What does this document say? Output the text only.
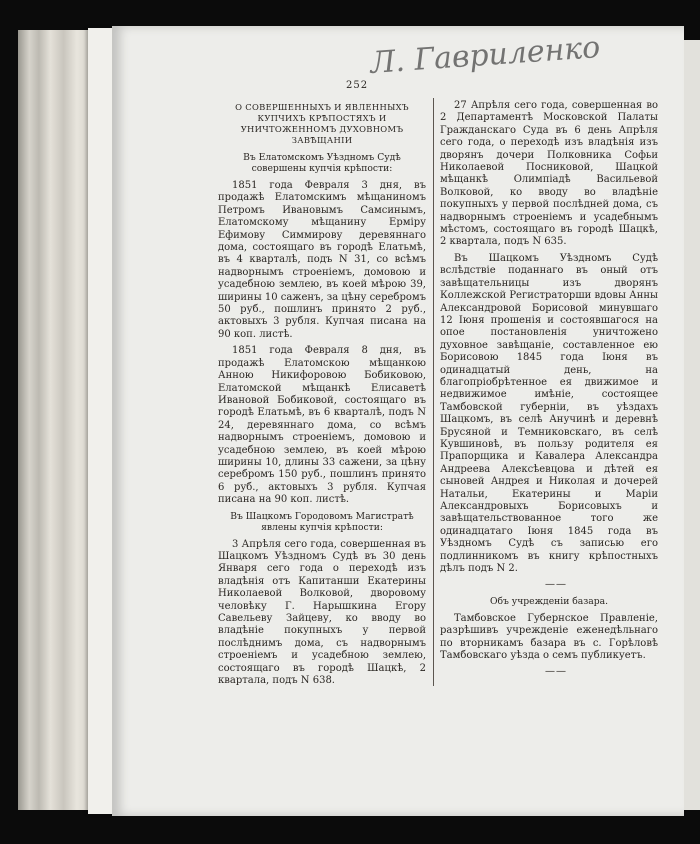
Л. Гавриленко
252

О СОВЕРШЕННЫХЪ И ЯВЛЕННЫХЪ КУПЧИХЪ КРѢПОСТЯХЪ И УНИЧТОЖЕННОМЪ ДУХОВНОМЪ ЗАВѢЩАНІИ

Въ Елатомскомъ Уѣздномъ Судѣ совершены купчія крѣпости:

1851 года Февраля 3 дня, въ продажѣ Елатомскимъ мѣщаниномъ Петромъ Ивановымъ Самсинымъ, Елатомскому мѣщанину Ерміру Ефимову Симмирову деревяннаго дома, состоящаго въ городѣ Елатьмѣ, въ 4 кварталѣ, подъ N 31, со всѣмъ надворнымъ строеніемъ, домовою и усадебною землею, въ коей мѣрою 39, ширины 10 саженъ, за цѣну серебромъ 50 руб., пошлинъ принято 2 руб., актовыхъ 3 рубля. Купчая писана на 90 коп. листѣ.

1851 года Февраля 8 дня, въ продажѣ Елатомскою мѣщанкою Анною Никифоровою Бобиковою, Елатомской мѣщанкѣ Елисаветѣ Ивановой Бобиковой, состоящаго въ городѣ Елатьмѣ, въ 6 кварталѣ, подъ N 24, деревяннаго дома, со всѣмъ надворнымъ строеніемъ, домовою и усадебною землею, въ коей мѣрою ширины 10, длины 33 сажени, за цѣну серебромъ 150 руб., пошлинъ принято 6 руб., актовыхъ 3 рубля. Купчая писана на 90 коп. листѣ.

Въ Шацкомъ Городовомъ Магистратѣ явлены купчія крѣпости:

3 Апрѣля сего года, совершенная въ Шацкомъ Уѣздномъ Судѣ въ 30 день Января сего года о переходѣ изъ владѣнія отъ Капитанши Екатерины Николаевой Волковой, дворовому человѣку Г. Нарышкина Егору Савельеву Зайцеву, ко вводу во владѣніе покупныхъ у первой послѣднимъ дома, съ надворнымъ строеніемъ и усадебною землею, состоящаго въ городѣ Шацкѣ, 2 квартала, подъ N 638.

27 Апрѣля сего года, совершенная во 2 Департаментѣ Московской Палаты Гражданскаго Суда въ 6 день Апрѣля сего года, о переходѣ изъ владѣнія изъ дворянъ дочери Полковника Софьи Николаевой Посниковой, Шацкой мѣщанкѣ Олимпіадѣ Васильевой Волковой, ко вводу во владѣніе покупныхъ у первой послѣдней дома, съ надворнымъ строеніемъ и усадебнымъ мѣстомъ, состоящаго въ городѣ Шацкѣ, 2 квартала, подъ N 635.

Въ Шацкомъ Уѣздномъ Судѣ вслѣдствіе поданнаго въ оный отъ завѣщательницы изъ дворянъ Коллежской Регистраторши вдовы Анны Александровой Борисовой минувшаго 12 Іюня прошенія и состоявшагося на опое постановленія уничтожено духовное завѣщаніе, составленное ею Борисовою 1845 года Іюня въ одинадцатый день, на благопріобрѣтенное ея движимое и недвижимое имѣніе, состоящее Тамбовской губерніи, въ уѣздахъ Шацкомъ, въ селѣ Анучинѣ и деревнѣ Брусяной и Темниковскаго, въ селѣ Кувшиновѣ, въ пользу родителя ея Прапорщика и Кавалера Александра Андреева Алексѣевцова и дѣтей ея сыновей Андрея и Николая и дочерей Натальи, Екатерины и Маріи Александровыхъ Борисовыхъ и завѣщательствованное того же одинадцатаго Іюня 1845 года въ Уѣздномъ Судѣ съ записью его подлинникомъ въ книгу крѣпостныхъ дѣлъ подъ N 2.

——

Объ учрежденіи базара.

Тамбовское Губернское Правленіе, разрѣшивъ учрежденіе еженедѣльнаго по вторникамъ базара въ с. Горѣловѣ Тамбовскаго уѣзда о семъ публикуетъ.

——
